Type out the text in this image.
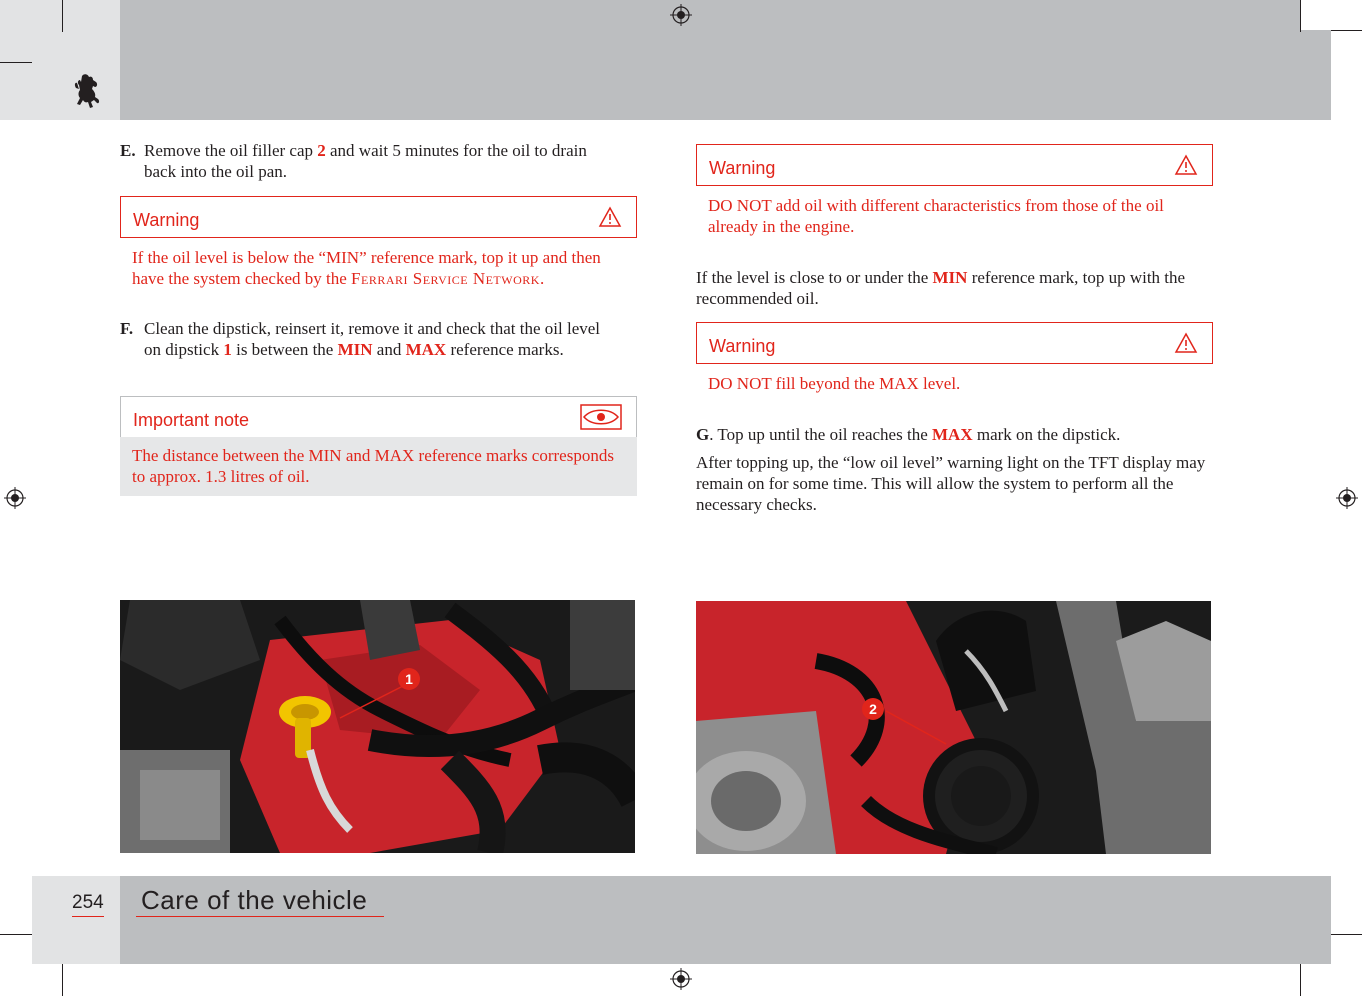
E. Remove the oil filler cap 2 and wait 5 minutes for the oil to drain back into the oil pan.
Warning
If the oil level is below the “MIN” reference mark, top it up and then have the system checked by the Ferrari Service Network.
F. Clean the dipstick, reinsert it, remove it and check that the oil level on dipstick 1 is between the MIN and MAX reference marks.
Important note
The distance between the MIN and MAX reference marks corresponds to approx. 1.3 litres of oil.
Warning
DO NOT add oil with different characteristics from those of the oil already in the engine.
If the level is close to or under the MIN reference mark, top up with the recommended oil.
Warning
DO NOT fill beyond the MAX level.
G. Top up until the oil reaches the MAX mark on the dipstick.
After topping up, the “low oil level” warning light on the TFT display may remain on for some time. This will allow the system to perform all the necessary checks.
1
2
254 Care of the vehicle
